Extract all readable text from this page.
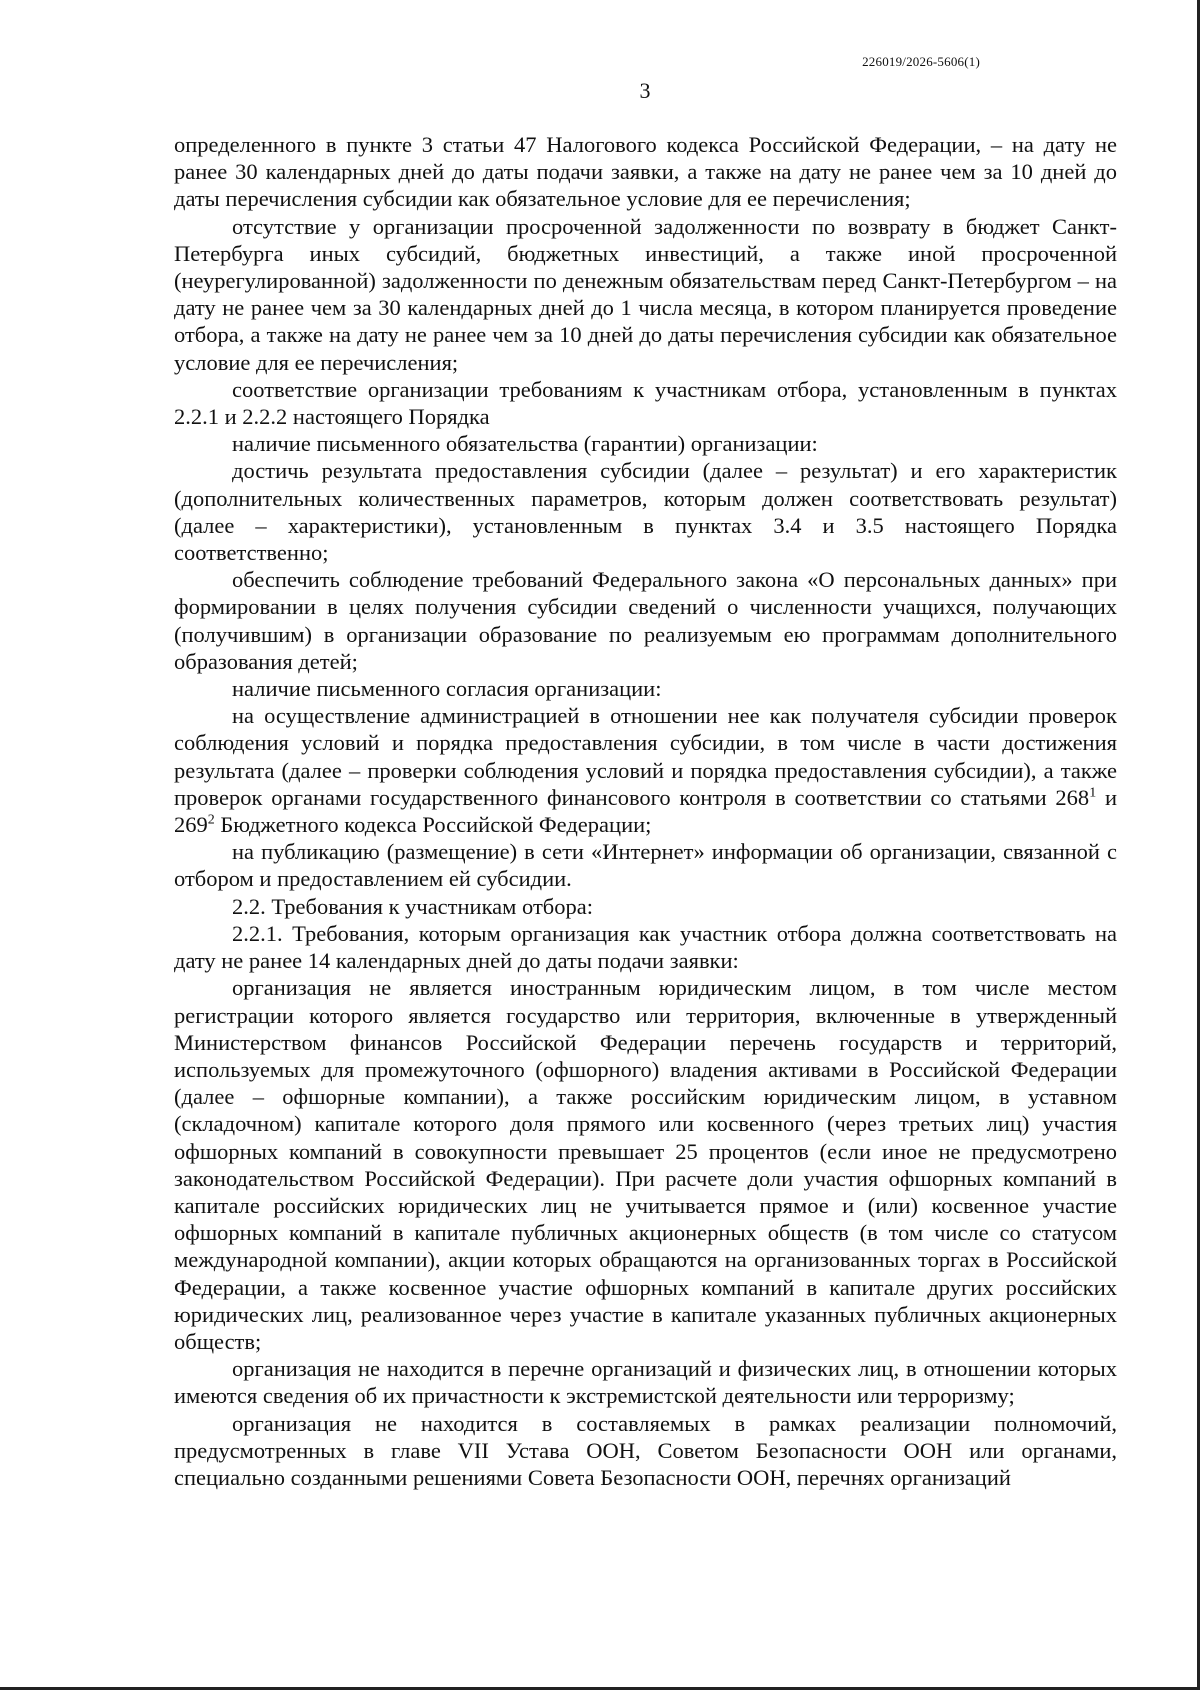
226019/2026-5606(1)
3

определенного в пункте 3 статьи 47 Налогового кодекса Российской Федерации, – на дату не ранее 30 календарных дней до даты подачи заявки, а также на дату не ранее чем за 10 дней до даты перечисления субсидии как обязательное условие для ее перечисления;

отсутствие у организации просроченной задолженности по возврату в бюджет Санкт-Петербурга иных субсидий, бюджетных инвестиций, а также иной просроченной (неурегулированной) задолженности по денежным обязательствам перед Санкт-Петербургом – на дату не ранее чем за 30 календарных дней до 1 числа месяца, в котором планируется проведение отбора, а также на дату не ранее чем за 10 дней до даты перечисления субсидии как обязательное условие для ее перечисления;

соответствие организации требованиям к участникам отбора, установленным в пунктах 2.2.1 и 2.2.2 настоящего Порядка

наличие письменного обязательства (гарантии) организации:

достичь результата предоставления субсидии (далее – результат) и его характеристик (дополнительных количественных параметров, которым должен соответствовать результат) (далее – характеристики), установленным в пунктах 3.4 и 3.5 настоящего Порядка соответственно;

обеспечить соблюдение требований Федерального закона «О персональных данных» при формировании в целях получения субсидии сведений о численности учащихся, получающих (получившим) в организации образование по реализуемым ею программам дополнительного образования детей;

наличие письменного согласия организации:

на осуществление администрацией в отношении нее как получателя субсидии проверок соблюдения условий и порядка предоставления субсидии, в том числе в части достижения результата (далее – проверки соблюдения условий и порядка предоставления субсидии), а также проверок органами государственного финансового контроля в соответствии со статьями $268^1$ и $269^2$ Бюджетного кодекса Российской Федерации;

на публикацию (размещение) в сети «Интернет» информации об организации, связанной с отбором и предоставлением ей субсидии.

2.2. Требования к участникам отбора:

2.2.1. Требования, которым организация как участник отбора должна соответствовать на дату не ранее 14 календарных дней до даты подачи заявки:

организация не является иностранным юридическим лицом, в том числе местом регистрации которого является государство или территория, включенные в утвержденный Министерством финансов Российской Федерации перечень государств и территорий, используемых для промежуточного (офшорного) владения активами в Российской Федерации (далее – офшорные компании), а также российским юридическим лицом, в уставном (складочном) капитале которого доля прямого или косвенного (через третьих лиц) участия офшорных компаний в совокупности превышает 25 процентов (если иное не предусмотрено законодательством Российской Федерации). При расчете доли участия офшорных компаний в капитале российских юридических лиц не учитывается прямое и (или) косвенное участие офшорных компаний в капитале публичных акционерных обществ (в том числе со статусом международной компании), акции которых обращаются на организованных торгах в Российской Федерации, а также косвенное участие офшорных компаний в капитале других российских юридических лиц, реализованное через участие в капитале указанных публичных акционерных обществ;

организация не находится в перечне организаций и физических лиц, в отношении которых имеются сведения об их причастности к экстремистской деятельности или терроризму;

организация не находится в составляемых в рамках реализации полномочий, предусмотренных в главе VII Устава ООН, Советом Безопасности ООН или органами, специально созданными решениями Совета Безопасности ООН, перечнях организаций
